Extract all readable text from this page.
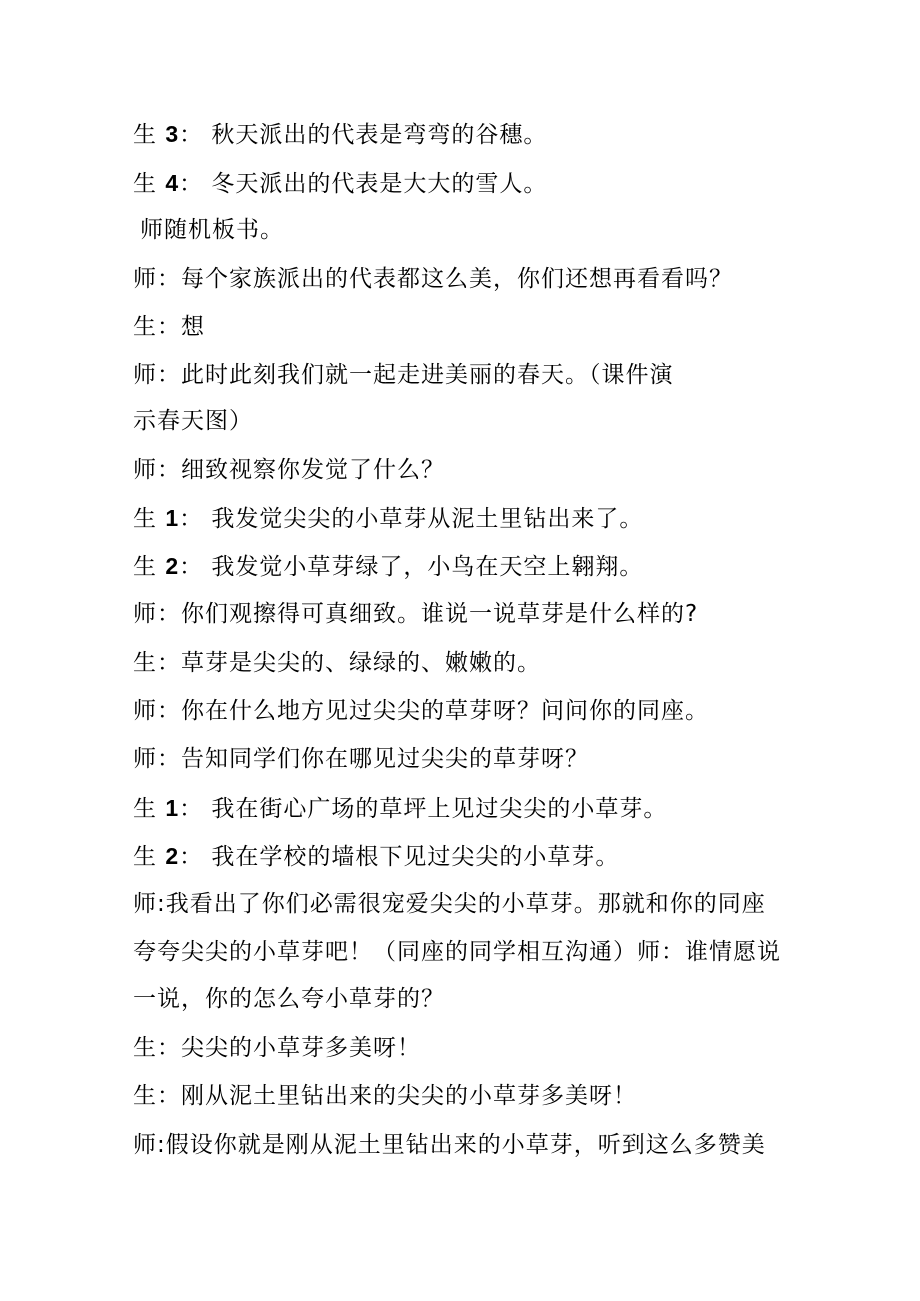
生 3： 秋天派出的代表是弯弯的谷穗。
生 4： 冬天派出的代表是大大的雪人。
师随机板书。
师：每个家族派出的代表都这么美，你们还想再看看吗？
生：想
师：此时此刻我们就一起走进美丽的春天。（课件演
示春天图）
师：细致视察你发觉了什么？
生 1： 我发觉尖尖的小草芽从泥土里钻出来了。
生 2： 我发觉小草芽绿了，小鸟在天空上翱翔。
师：你们观擦得可真细致。谁说一说草芽是什么样的?
生：草芽是尖尖的、绿绿的、嫩嫩的。
师：你在什么地方见过尖尖的草芽呀？问问你的同座。
师：告知同学们你在哪见过尖尖的草芽呀？
生 1： 我在街心广场的草坪上见过尖尖的小草芽。
生 2： 我在学校的墙根下见过尖尖的小草芽。
师:我看出了你们必需很宠爱尖尖的小草芽。那就和你的同座
夸夸尖尖的小草芽吧！（同座的同学相互沟通）师：谁情愿说
一说，你的怎么夸小草芽的？
生：尖尖的小草芽多美呀！
生：刚从泥土里钻出来的尖尖的小草芽多美呀！
师:假设你就是刚从泥土里钻出来的小草芽，听到这么多赞美
